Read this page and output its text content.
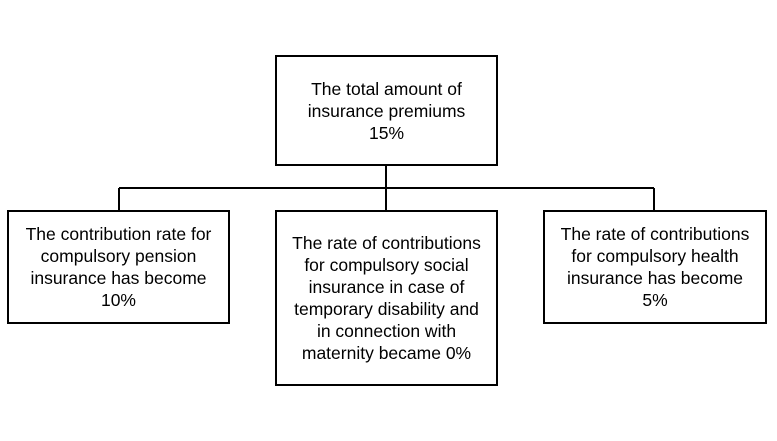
The total amount of
insurance premiums
15%
The contribution rate for
compulsory pension
insurance has become
10%
The rate of contributions
for compulsory social
insurance in case of
temporary disability and
in connection with
maternity became 0%
The rate of contributions
for compulsory health
insurance has become
5%
